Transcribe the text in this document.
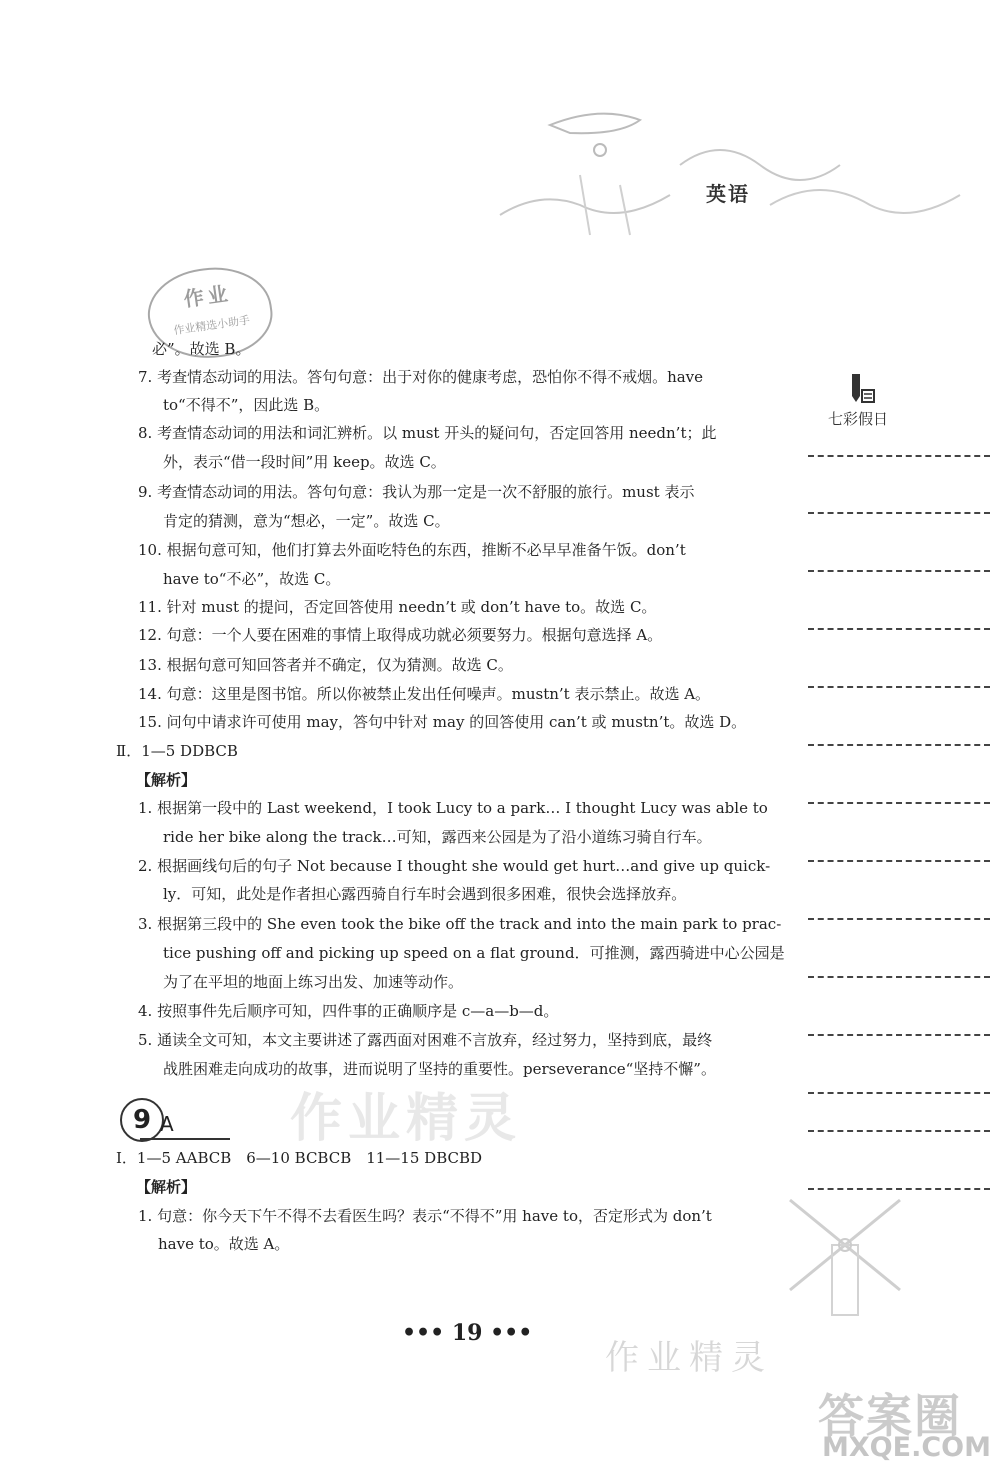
英语
作业
作业精选小助手
必”。故选 B。
7. 考查情态动词的用法。答句句意：出于对你的健康考虑，恐怕你不得不戒烟。have
to“不得不”，因此选 B。
8. 考查情态动词的用法和词汇辨析。以 must 开头的疑问句，否定回答用 needn’t；此
外，表示“借一段时间”用 keep。故选 C。
9. 考查情态动词的用法。答句句意：我认为那一定是一次不舒服的旅行。must 表示
肯定的猜测，意为“想必，一定”。故选 C。
10. 根据句意可知，他们打算去外面吃特色的东西，推断不必早早准备午饭。don’t
have to“不必”，故选 C。
11. 针对 must 的提问，否定回答使用 needn’t 或 don’t have to。故选 C。
12. 句意：一个人要在困难的事情上取得成功就必须要努力。根据句意选择 A。
13. 根据句意可知回答者并不确定，仅为猜测。故选 C。
14. 句意：这里是图书馆。所以你被禁止发出任何噪声。mustn’t 表示禁止。故选 A。
15. 问句中请求许可使用 may，答句中针对 may 的回答使用 can’t 或 mustn’t。故选 D。
Ⅱ．1—5 DDBCB
【解析】
1. 根据第一段中的 Last weekend，I took Lucy to a park… I thought Lucy was able to
ride her bike along the track…可知，露西来公园是为了沿小道练习骑自行车。
2. 根据画线句后的句子 Not because I thought she would get hurt…and give up quick-
ly．可知，此处是作者担心露西骑自行车时会遇到很多困难，很快会选择放弃。
3. 根据第三段中的 She even took the bike off the track and into the main park to prac-
tice pushing off and picking up speed on a flat ground．可推测，露西骑进中心公园是
为了在平坦的地面上练习出发、加速等动作。
4. 按照事件先后顺序可知，四件事的正确顺序是 c—a—b—d。
5. 通读全文可知，本文主要讲述了露西面对困难不言放弃，经过努力，坚持到底，最终
战胜困难走向成功的故事，进而说明了坚持的重要性。perseverance“坚持不懈”。
Ⅰ．1—5 AABCB 6—10 BCBCB 11—15 DBCBD
【解析】
1. 句意：你今天下午不得不去看医生吗？表示“不得不”用 have to，否定形式为 don’t
have to。故选 A。
七彩假日
9 A 作业精灵
••• 19 •••
作业精灵
答案圈
MXQE.COM
